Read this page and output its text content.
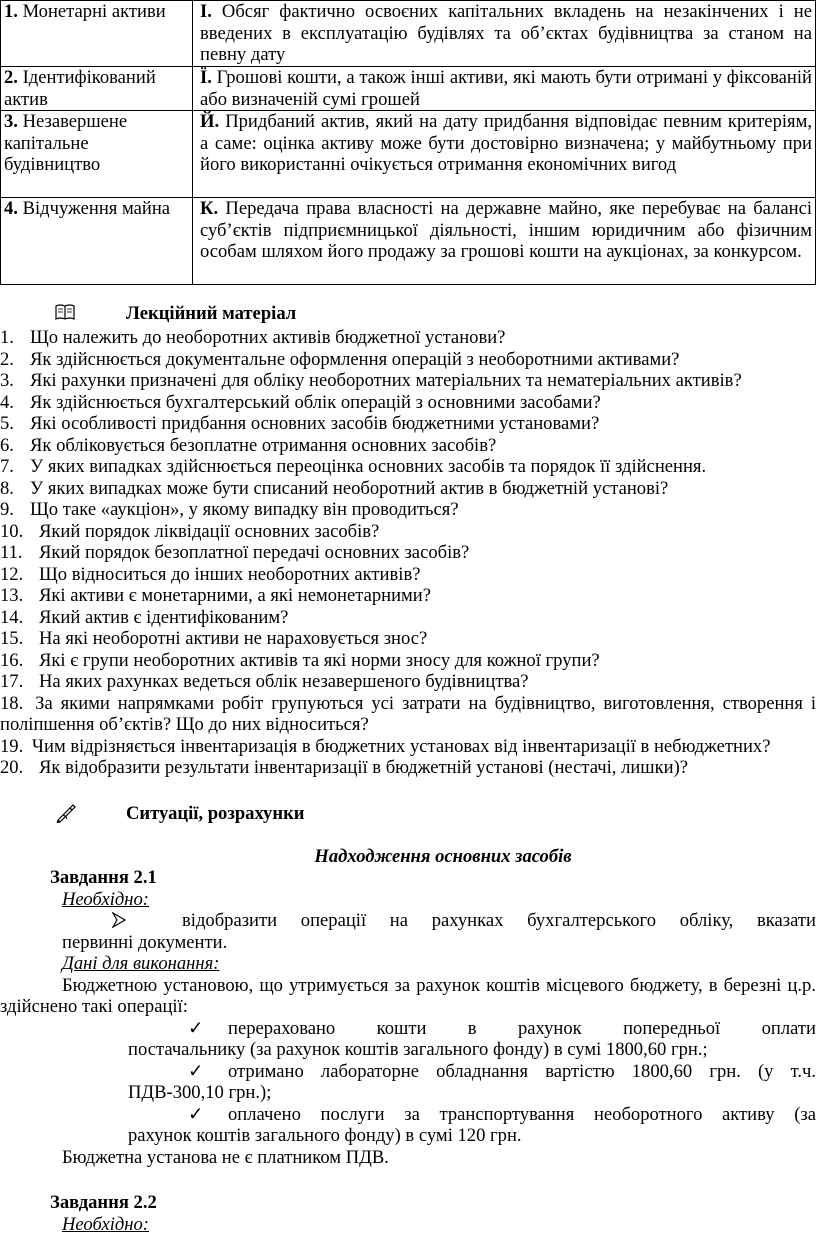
1. Монетарні активи	І. Обсяг фактично освоєних капітальних вкладень на незакінчених і не введених в експлуатацію будівлях та об’єктах будівництва за станом на певну дату
2. Ідентифікований актив	Ї. Грошові кошти, а також інші активи, які мають бути отримані у фіксованій або визначеній сумі грошей
3. Незавершене капітальне будівництво	Й. Придбаний актив, який на дату придбання відповідає певним критеріям, а саме: оцінка активу може бути достовірно визначена; у майбутньому при його використанні очікується отримання економічних вигод
4. Відчуження майна	К. Передача права власності на державне майно, яке перебуває на балансі суб’єктів підприємницької діяльності, іншим юридичним або фізичним особам шляхом його продажу за грошові кошти на аукціонах, за конкурсом.
Лекційний матеріал
1. Що належить до необоротних активів бюджетної установи?
2. Як здійснюється документальне оформлення операцій з необоротними активами?
3. Які рахунки призначені для обліку необоротних матеріальних та нематеріальних активів?
4. Як здійснюється бухгалтерський облік операцій з основними засобами?
5. Які особливості придбання основних засобів бюджетними установами?
6. Як обліковується безоплатне отримання основних засобів?
7. У яких випадках здійснюється переоцінка основних засобів та порядок її здійснення.
8. У яких випадках може бути списаний необоротний актив в бюджетній установі?
9. Що таке «аукціон», у якому випадку він проводиться?
10. Який порядок ліквідації основних засобів?
11. Який порядок безоплатної передачі основних засобів?
12. Що відноситься до інших необоротних активів?
13. Які активи є монетарними, а які немонетарними?
14. Який актив є ідентифікованим?
15. На які необоротні активи не нараховується знос?
16. Які є групи необоротних активів та які норми зносу для кожної групи?
17. На яких рахунках ведеться облік незавершеного будівництва?
18. За якими напрямками робіт групуються усі затрати на будівництво, виготовлення, створення і поліпшення об’єктів? Що до них відноситься?
19. Чим відрізняється інвентаризація в бюджетних установах від інвентаризації в небюджетних?
20. Як відобразити результати інвентаризації в бюджетній установі (нестачі, лишки)?
Ситуації, розрахунки
Надходження основних засобів
Завдання 2.1
Необхідно:
відобразити операції на рахунках бухгалтерського обліку, вказати
первинні документи.
Дані для виконання:
Бюджетною установою, що утримується за рахунок коштів місцевого бюджету, в березні ц.р. здійснено такі операції:
✓	перераховано кошти в рахунок попередньої оплати
постачальнику (за рахунок коштів загального фонду) в сумі 1800,60 грн.;
✓	отримано лабораторне обладнання вартістю 1800,60 грн. (у т.ч.
ПДВ-300,10 грн.);
✓	оплачено послуги за транспортування необоротного активу (за
рахунок коштів загального фонду) в сумі 120 грн.
Бюджетна установа не є платником ПДВ.
Завдання 2.2
Необхідно:
